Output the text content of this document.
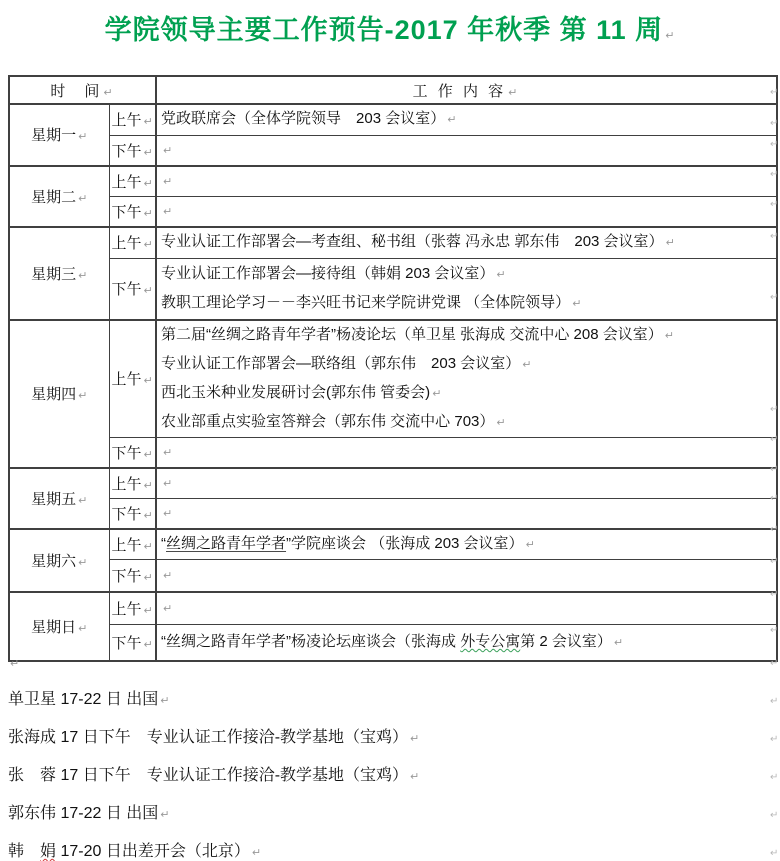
学院领导主要工作预告-2017 年秋季 第 11 周 ↵
时　间 ↵		工 作 内 容 ↵
星期一 ↵	上午 ↵	党政联席会（全体学院领导　203 会议室） ↵

	下午 ↵	↵

星期二 ↵	上午 ↵	↵

	下午 ↵	↵

星期三 ↵	上午 ↵	专业认证工作部署会—考查组、秘书组（张蓉 冯永忠 郭东伟　203 会议室） ↵

	下午 ↵	专业认证工作部署会—接待组（韩娟 203 会议室） ↵

教职工理论学习－－李兴旺书记来学院讲党课 （全体院领导） ↵

星期四 ↵	上午 ↵	第二届“丝绸之路青年学者”杨凌论坛（单卫星 张海成 交流中心 208 会议室） ↵

专业认证工作部署会—联络组（郭东伟　203 会议室） ↵

西北玉米种业发展研讨会(郭东伟 管委会) ↵

农业部重点实验室答辩会（郭东伟 交流中心 703） ↵

	下午 ↵	↵

星期五 ↵	上午 ↵	↵

	下午 ↵	↵

星期六 ↵	上午 ↵	“丝绸之路青年学者”学院座谈会 （张海成 203 会议室） ↵

	下午 ↵	↵

星期日 ↵	上午 ↵	↵

	下午 ↵	“丝绸之路青年学者”杨凌论坛座谈会（张海成 外专公寓第 2 会议室） ↵

↵
↵
↵
↵
↵
↵
↵
↵
↵
↵
↵
↵
↵
↵
↵
↵
↵
↵
↵
↵
↵
↵
单卫星 17-22 日 出国 ↵
张海成 17 日下午　专业认证工作接洽-教学基地（宝鸡） ↵
张　蓉 17 日下午　专业认证工作接洽-教学基地（宝鸡） ↵
郭东伟 17-22 日 出国 ↵
韩　娟 17-20 日出差开会（北京） ↵
